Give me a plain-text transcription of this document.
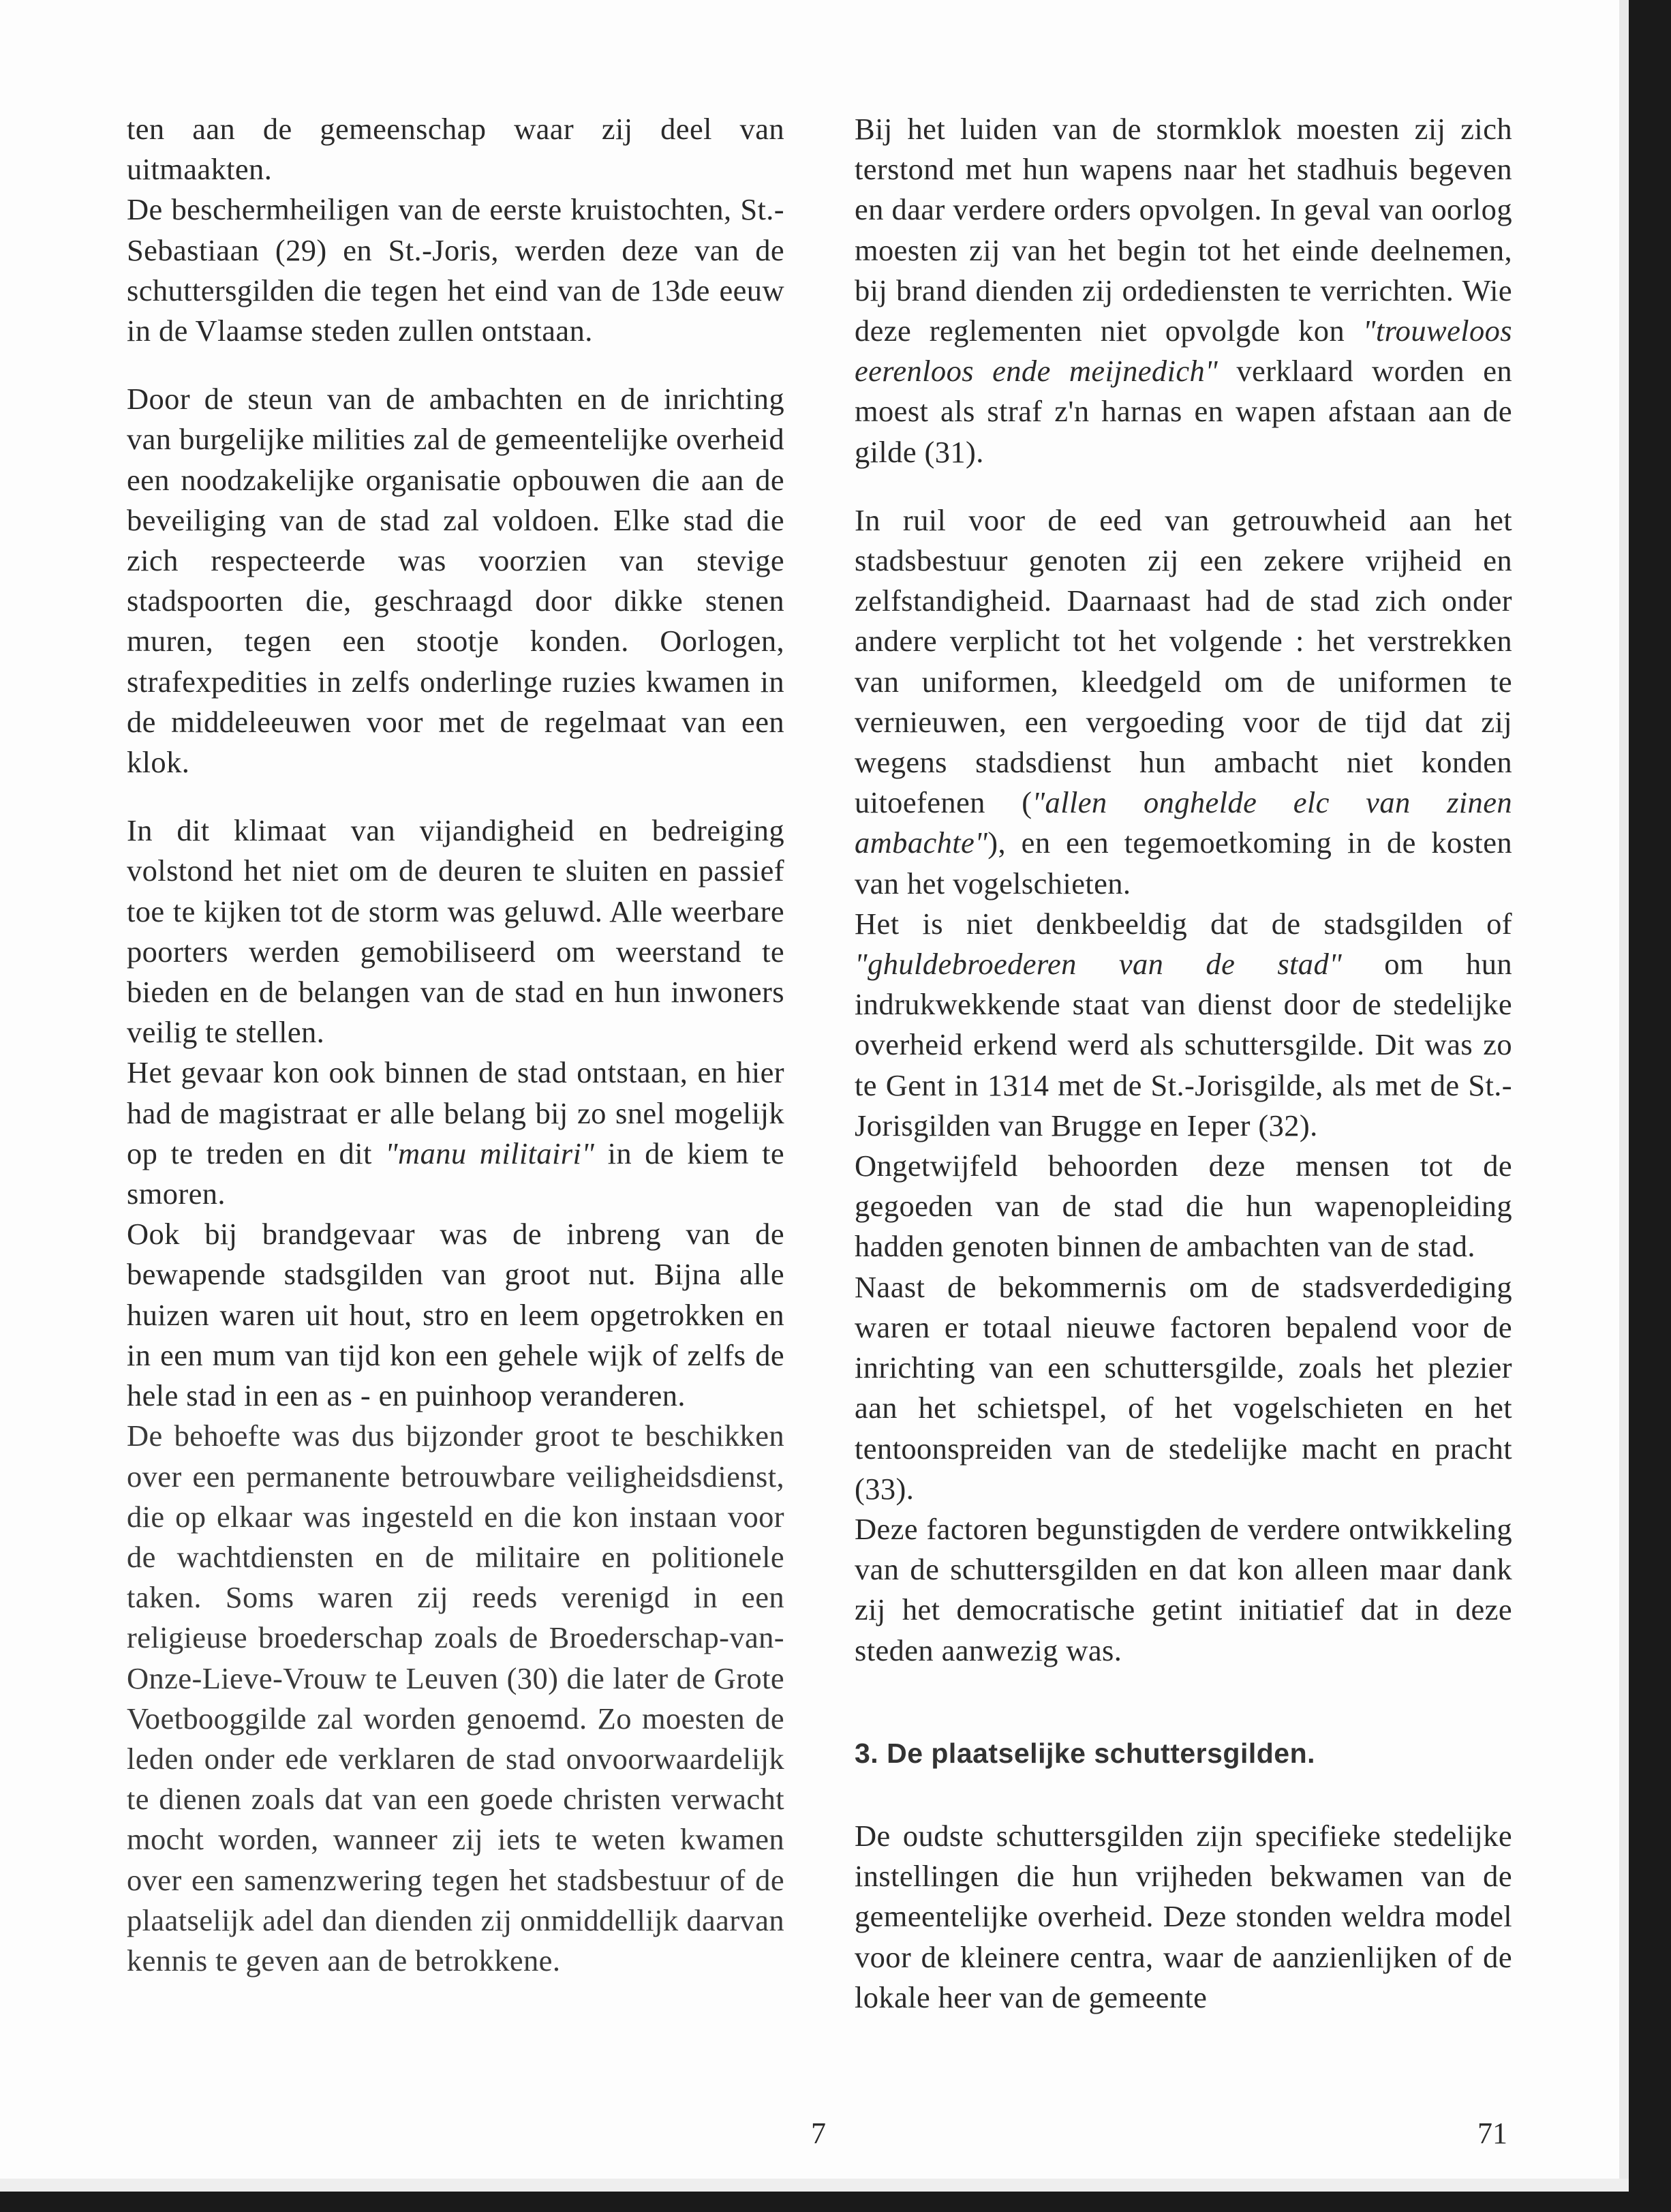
ten aan de gemeenschap waar zij deel van uitmaakten.

De beschermheiligen van de eerste kruistochten, St.-Sebastiaan (29) en St.-Joris, werden deze van de schuttersgilden die tegen het eind van de 13de eeuw in de Vlaamse steden zullen ontstaan.

Door de steun van de ambachten en de inrichting van burgelijke milities zal de gemeentelijke overheid een noodzakelijke organisatie opbouwen die aan de beveiliging van de stad zal voldoen. Elke stad die zich respecteerde was voorzien van stevige stadspoorten die, geschraagd door dikke stenen muren, tegen een stootje konden. Oorlogen, strafexpedities in zelfs onderlinge ruzies kwamen in de middeleeuwen voor met de regelmaat van een klok.

In dit klimaat van vijandigheid en bedreiging volstond het niet om de deuren te sluiten en passief toe te kijken tot de storm was geluwd. Alle weerbare poorters werden gemobiliseerd om weerstand te bieden en de belangen van de stad en hun inwoners veilig te stellen.

Het gevaar kon ook binnen de stad ontstaan, en hier had de magistraat er alle belang bij zo snel mogelijk op te treden en dit "manu militairi" in de kiem te smoren.

Ook bij brandgevaar was de inbreng van de bewapende stadsgilden van groot nut. Bijna alle huizen waren uit hout, stro en leem opgetrokken en in een mum van tijd kon een gehele wijk of zelfs de hele stad in een as - en puinhoop veranderen.

De behoefte was dus bijzonder groot te beschikken over een permanente betrouwbare veiligheidsdienst, die op elkaar was ingesteld en die kon instaan voor de wachtdiensten en de militaire en politionele taken. Soms waren zij reeds verenigd in een religieuse broederschap zoals de Broederschap-van-Onze-Lieve-Vrouw te Leuven (30) die later de Grote Voetbooggilde zal worden genoemd. Zo moesten de leden onder ede verklaren de stad onvoorwaardelijk te dienen zoals dat van een goede christen verwacht mocht worden, wanneer zij iets te weten kwamen over een samenzwering tegen het stadsbestuur of de plaatselijk adel dan dienden zij onmiddellijk daarvan kennis te geven aan de betrokkene.

Bij het luiden van de stormklok moesten zij zich terstond met hun wapens naar het stadhuis begeven en daar verdere orders opvolgen. In geval van oorlog moesten zij van het begin tot het einde deelnemen, bij brand dienden zij ordediensten te verrichten. Wie deze reglementen niet opvolgde kon "trouweloos eerenloos ende meijnedich" verklaard worden en moest als straf z'n harnas en wapen afstaan aan de gilde (31).

In ruil voor de eed van getrouwheid aan het stadsbestuur genoten zij een zekere vrijheid en zelfstandigheid. Daarnaast had de stad zich onder andere verplicht tot het volgende : het verstrekken van uniformen, kleedgeld om de uniformen te vernieuwen, een vergoeding voor de tijd dat zij wegens stadsdienst hun ambacht niet konden uitoefenen ("allen onghelde elc van zinen ambachte"), en een tegemoetkoming in de kosten van het vogelschieten.

Het is niet denkbeeldig dat de stadsgilden of "ghuldebroederen van de stad" om hun indrukwekkende staat van dienst door de stedelijke overheid erkend werd als schuttersgilde. Dit was zo te Gent in 1314 met de St.-Jorisgilde, als met de St.-Jorisgilden van Brugge en Ieper (32).

Ongetwijfeld behoorden deze mensen tot de gegoeden van de stad die hun wapenopleiding hadden genoten binnen de ambachten van de stad.

Naast de bekommernis om de stadsverdediging waren er totaal nieuwe factoren bepalend voor de inrichting van een schuttersgilde, zoals het plezier aan het schietspel, of het vogelschieten en het tentoonspreiden van de stedelijke macht en pracht (33).

Deze factoren begunstigden de verdere ontwikkeling van de schuttersgilden en dat kon alleen maar dank zij het democratische getint initiatief dat in deze steden aanwezig was.

3. De plaatselijke schuttersgilden.

De oudste schuttersgilden zijn specifieke stedelijke instellingen die hun vrijheden bekwamen van de gemeentelijke overheid. Deze stonden weldra model voor de kleinere centra, waar de aanzienlijken of de lokale heer van de gemeente

7	71
